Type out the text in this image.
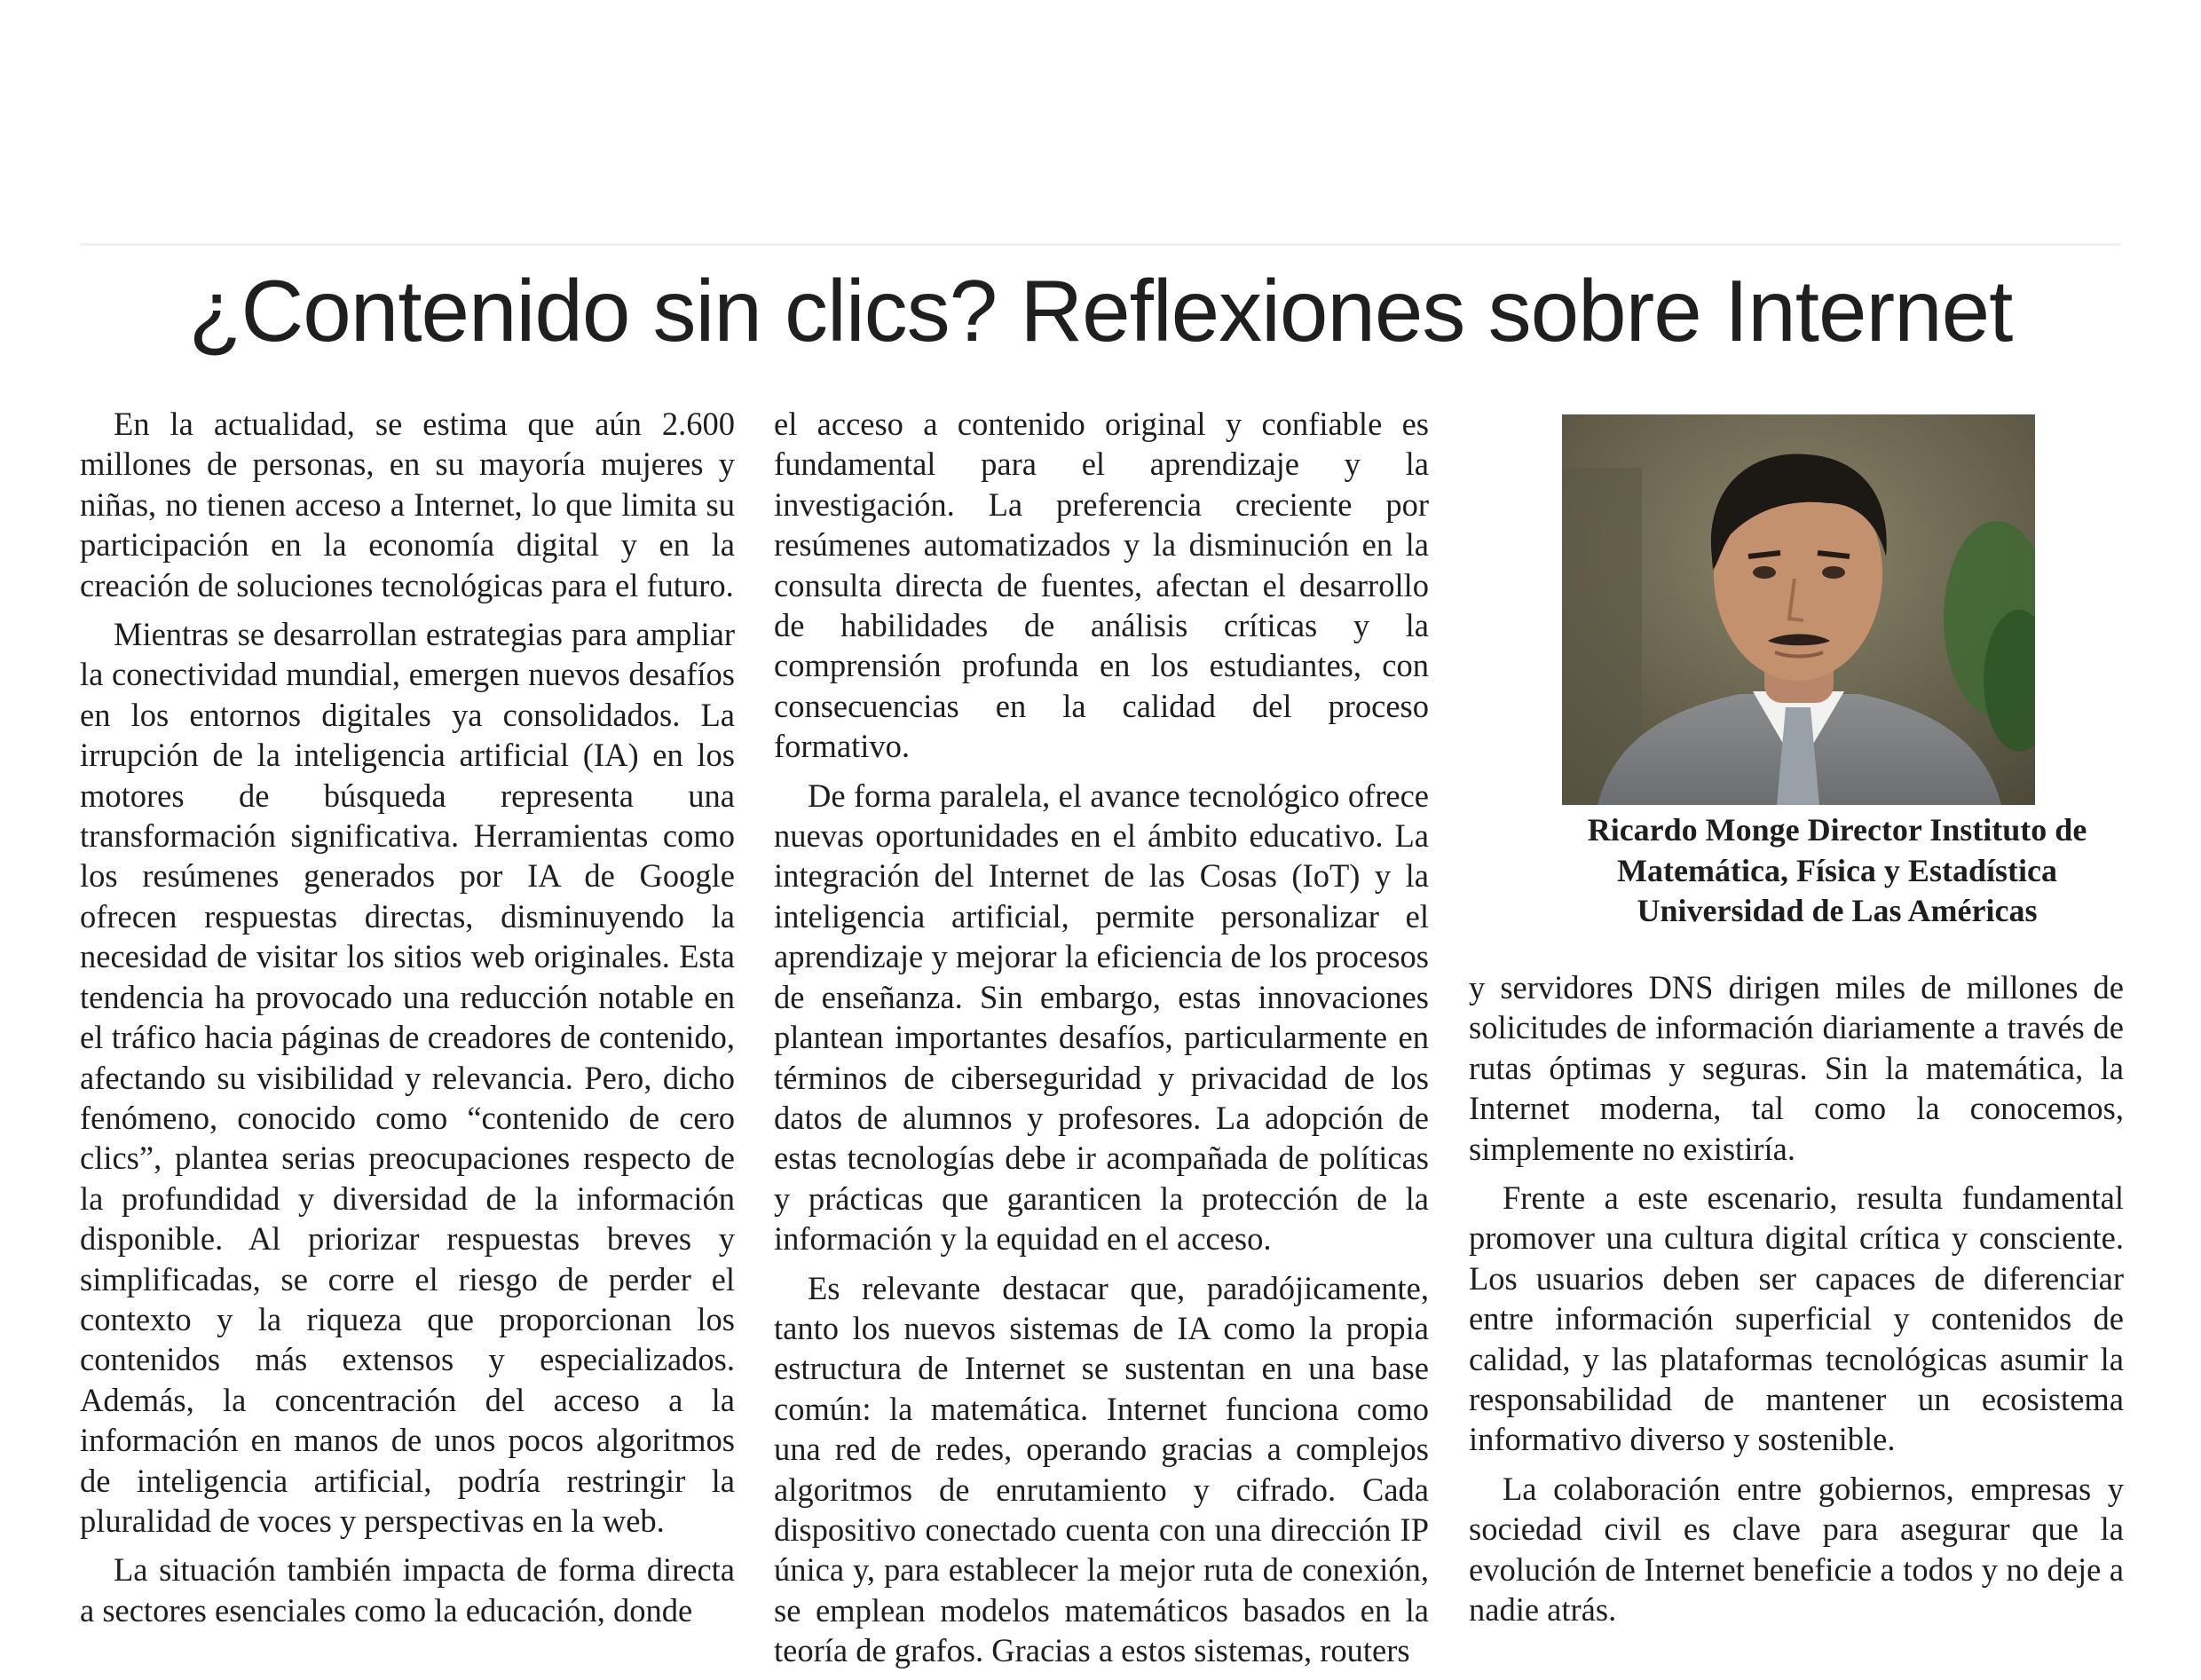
¿Contenido sin clics? Reflexiones sobre Internet

En la actualidad, se estima que aún 2.600 millones de personas, en su mayoría mujeres y niñas, no tienen acceso a Internet, lo que limita su participación en la economía digital y en la creación de soluciones tecnológicas para el futuro.

Mientras se desarrollan estrategias para ampliar la conectividad mundial, emergen nuevos desafíos en los entornos digitales ya consolidados. La irrupción de la inteligencia artificial (IA) en los motores de búsqueda representa una transformación significativa. Herramientas como los resúmenes generados por IA de Google ofrecen respuestas directas, disminuyendo la necesidad de visitar los sitios web originales. Esta tendencia ha provocado una reducción notable en el tráfico hacia páginas de creadores de contenido, afectando su visibilidad y relevancia. Pero, dicho fenómeno, conocido como “contenido de cero clics”, plantea serias preocupaciones respecto de la profundidad y diversidad de la información disponible. Al priorizar respuestas breves y simplificadas, se corre el riesgo de perder el contexto y la riqueza que proporcionan los contenidos más extensos y especializados. Además, la concentración del acceso a la información en manos de unos pocos algoritmos de inteligencia artificial, podría restringir la pluralidad de voces y perspectivas en la web.

La situación también impacta de forma directa a sectores esenciales como la educación, donde

el acceso a contenido original y confiable es fundamental para el aprendizaje y la investigación. La preferencia creciente por resúmenes automatizados y la disminución en la consulta directa de fuentes, afectan el desarrollo de habilidades de análisis críticas y la comprensión profunda en los estudiantes, con consecuencias en la calidad del proceso formativo.

De forma paralela, el avance tecnológico ofrece nuevas oportunidades en el ámbito educativo. La integración del Internet de las Cosas (IoT) y la inteligencia artificial, permite personalizar el aprendizaje y mejorar la eficiencia de los procesos de enseñanza. Sin embargo, estas innovaciones plantean importantes desafíos, particularmente en términos de ciberseguridad y privacidad de los datos de alumnos y profesores. La adopción de estas tecnologías debe ir acompañada de políticas y prácticas que garanticen la protección de la información y la equidad en el acceso.

Es relevante destacar que, paradójicamente, tanto los nuevos sistemas de IA como la propia estructura de Internet se sustentan en una base común: la matemática. Internet funciona como una red de redes, operando gracias a complejos algoritmos de enrutamiento y cifrado. Cada dispositivo conectado cuenta con una dirección IP única y, para establecer la mejor ruta de conexión, se emplean modelos matemáticos basados en la teoría de grafos. Gracias a estos sistemas, routers

Ricardo Monge Director Instituto de
Matemática, Física y Estadística
Universidad de Las Américas

y servidores DNS dirigen miles de millones de solicitudes de información diariamente a través de rutas óptimas y seguras. Sin la matemática, la Internet moderna, tal como la conocemos, simplemente no existiría.

Frente a este escenario, resulta fundamental promover una cultura digital crítica y consciente. Los usuarios deben ser capaces de diferenciar entre información superficial y contenidos de calidad, y las plataformas tecnológicas asumir la responsabilidad de mantener un ecosistema informativo diverso y sostenible.

La colaboración entre gobiernos, empresas y sociedad civil es clave para asegurar que la evolución de Internet beneficie a todos y no deje a nadie atrás.
